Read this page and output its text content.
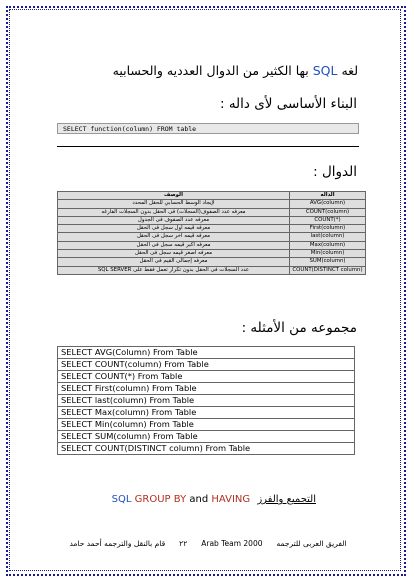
لغه SQL بها الكثير من الدوال العدديه والحسابيه
البناء الأساسى لأى داله :
SELECT function(column) FROM table
الدوال :
الوصف	الداله
لإيجاد الوسط الحسابي للحقل المحدد	AVG(column)
معرفه عدد الصفوف(السجلات) فى الحقل بدون السجلات الفارغه	COUNT(column)
معرفه عدد الصفوف فى الجدول	COUNT(*)
معرفه قيمه أول سجل فى الحقل	First(column)
معرفه قيمه أخر سجل فى الحقل	last(column)
معرفه أكبر قيمه سجل فى الحقل	Max(column)
معرفه أصغر قيمه سجل فى الحقل	Min(column)
معرفه إجمالى القيم فى الحقل	SUM(column)
عدد السجلات فى الحقل بدون تكرار تعمل فقط على SQL SERVER	COUNT(DISTINCT column)
مجموعه من الأمثله :
SELECT AVG(Column) From Table
SELECT COUNT(column) From Table
SELECT COUNT(*) From Table
SELECT First(column) From Table
SELECT last(column) From Table
SELECT Max(column) From Table
SELECT Min(column) From Table
SELECT SUM(column) From Table
SELECT COUNT(DISTINCT column) From Table
SQL GROUP BY and HAVING التجميع والفرز
قام بالنقل والترجمه أحمد حامد ٢٢ Arab Team 2000 الفريق العربى للترجمه
